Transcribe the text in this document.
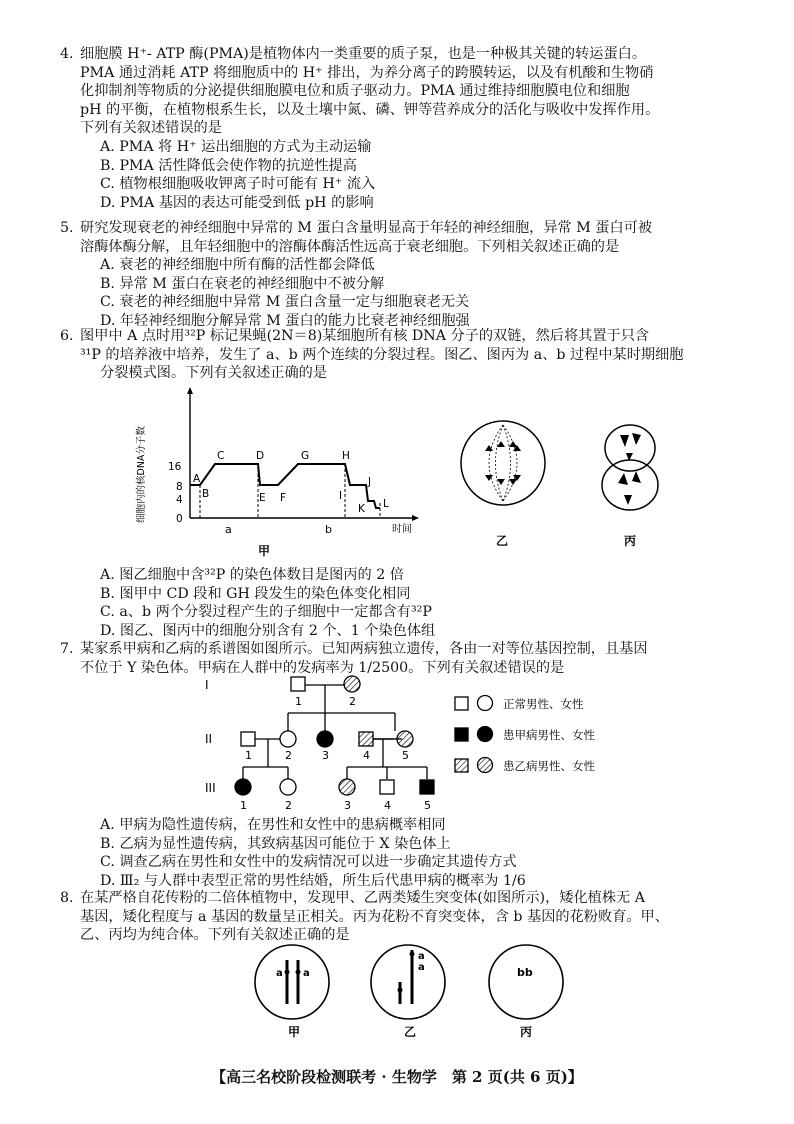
4. 细胞膜 H⁺- ATP 酶(PMA)是植物体内一类重要的质子泵，也是一种极其关键的转运蛋白。
PMA 通过消耗 ATP 将细胞质中的 H⁺ 排出，为养分离子的跨膜转运，以及有机酸和生物硝
化抑制剂等物质的分泌提供细胞膜电位和质子驱动力。PMA 通过维持细胞膜电位和细胞
pH 的平衡，在植物根系生长，以及土壤中氮、磷、钾等营养成分的活化与吸收中发挥作用。
下列有关叙述错误的是
A. PMA 将 H⁺ 运出细胞的方式为主动运输
B. PMA 活性降低会使作物的抗逆性提高
C. 植物根细胞吸收钾离子时可能有 H⁺ 流入
D. PMA 基因的表达可能受到低 pH 的影响
5. 研究发现衰老的神经细胞中异常的 M 蛋白含量明显高于年轻的神经细胞，异常 M 蛋白可被
溶酶体酶分解，且年轻细胞中的溶酶体酶活性远高于衰老细胞。下列相关叙述正确的是
A. 衰老的神经细胞中所有酶的活性都会降低
B. 异常 M 蛋白在衰老的神经细胞中不被分解
C. 衰老的神经细胞中异常 M 蛋白含量一定与细胞衰老无关
D. 年轻神经细胞分解异常 M 蛋白的能力比衰老神经细胞强
6. 图甲中 A 点时用³²P 标记果蝇(2N＝8)某细胞所有核 DNA 分子的双链，然后将其置于只含
³¹P 的培养液中培养，发生了 a、b 两个连续的分裂过程。图乙、图丙为 a、b 过程中某时期细胞
分裂模式图。下列有关叙述正确的是
细胞内的核DNA分子数
时间
16
8
4
0
A
B
C	D
E F
G	H
I
J
K L
a	b
甲
乙	丙
A. 图乙细胞中含³²P 的染色体数目是图丙的 2 倍
B. 图甲中 CD 段和 GH 段发生的染色体变化相同
C. a、b 两个分裂过程产生的子细胞中一定都含有³²P
D. 图乙、图丙中的细胞分别含有 2 个、1 个染色体组
7. 某家系甲病和乙病的系谱图如图所示。已知两病独立遗传，各由一对等位基因控制，且基因
不位于 Y 染色体。甲病在人群中的发病率为 1/2500。下列有关叙述错误的是
I
II
III
1	2
1	2	3	4	5
1	2	3	4	5
正常男性、女性
患甲病男性、女性
患乙病男性、女性
A. 甲病为隐性遗传病，在男性和女性中的患病概率相同
B. 乙病为显性遗传病，其致病基因可能位于 X 染色体上
C. 调查乙病在男性和女性中的发病情况可以进一步确定其遗传方式
D. Ⅲ₂ 与人群中表型正常的男性结婚，所生后代患甲病的概率为 1/6
8. 在某严格自花传粉的二倍体植物中，发现甲、乙两类矮生突变体(如图所示)，矮化植株无 A
基因，矮化程度与 a 基因的数量呈正相关。丙为花粉不育突变体，含 b 基因的花粉败育。甲、
乙、丙均为纯合体。下列有关叙述正确的是
a a
甲
a
a
乙
bb
丙
【高三名校阶段检测联考 · 生物学　第 2 页(共 6 页)】
